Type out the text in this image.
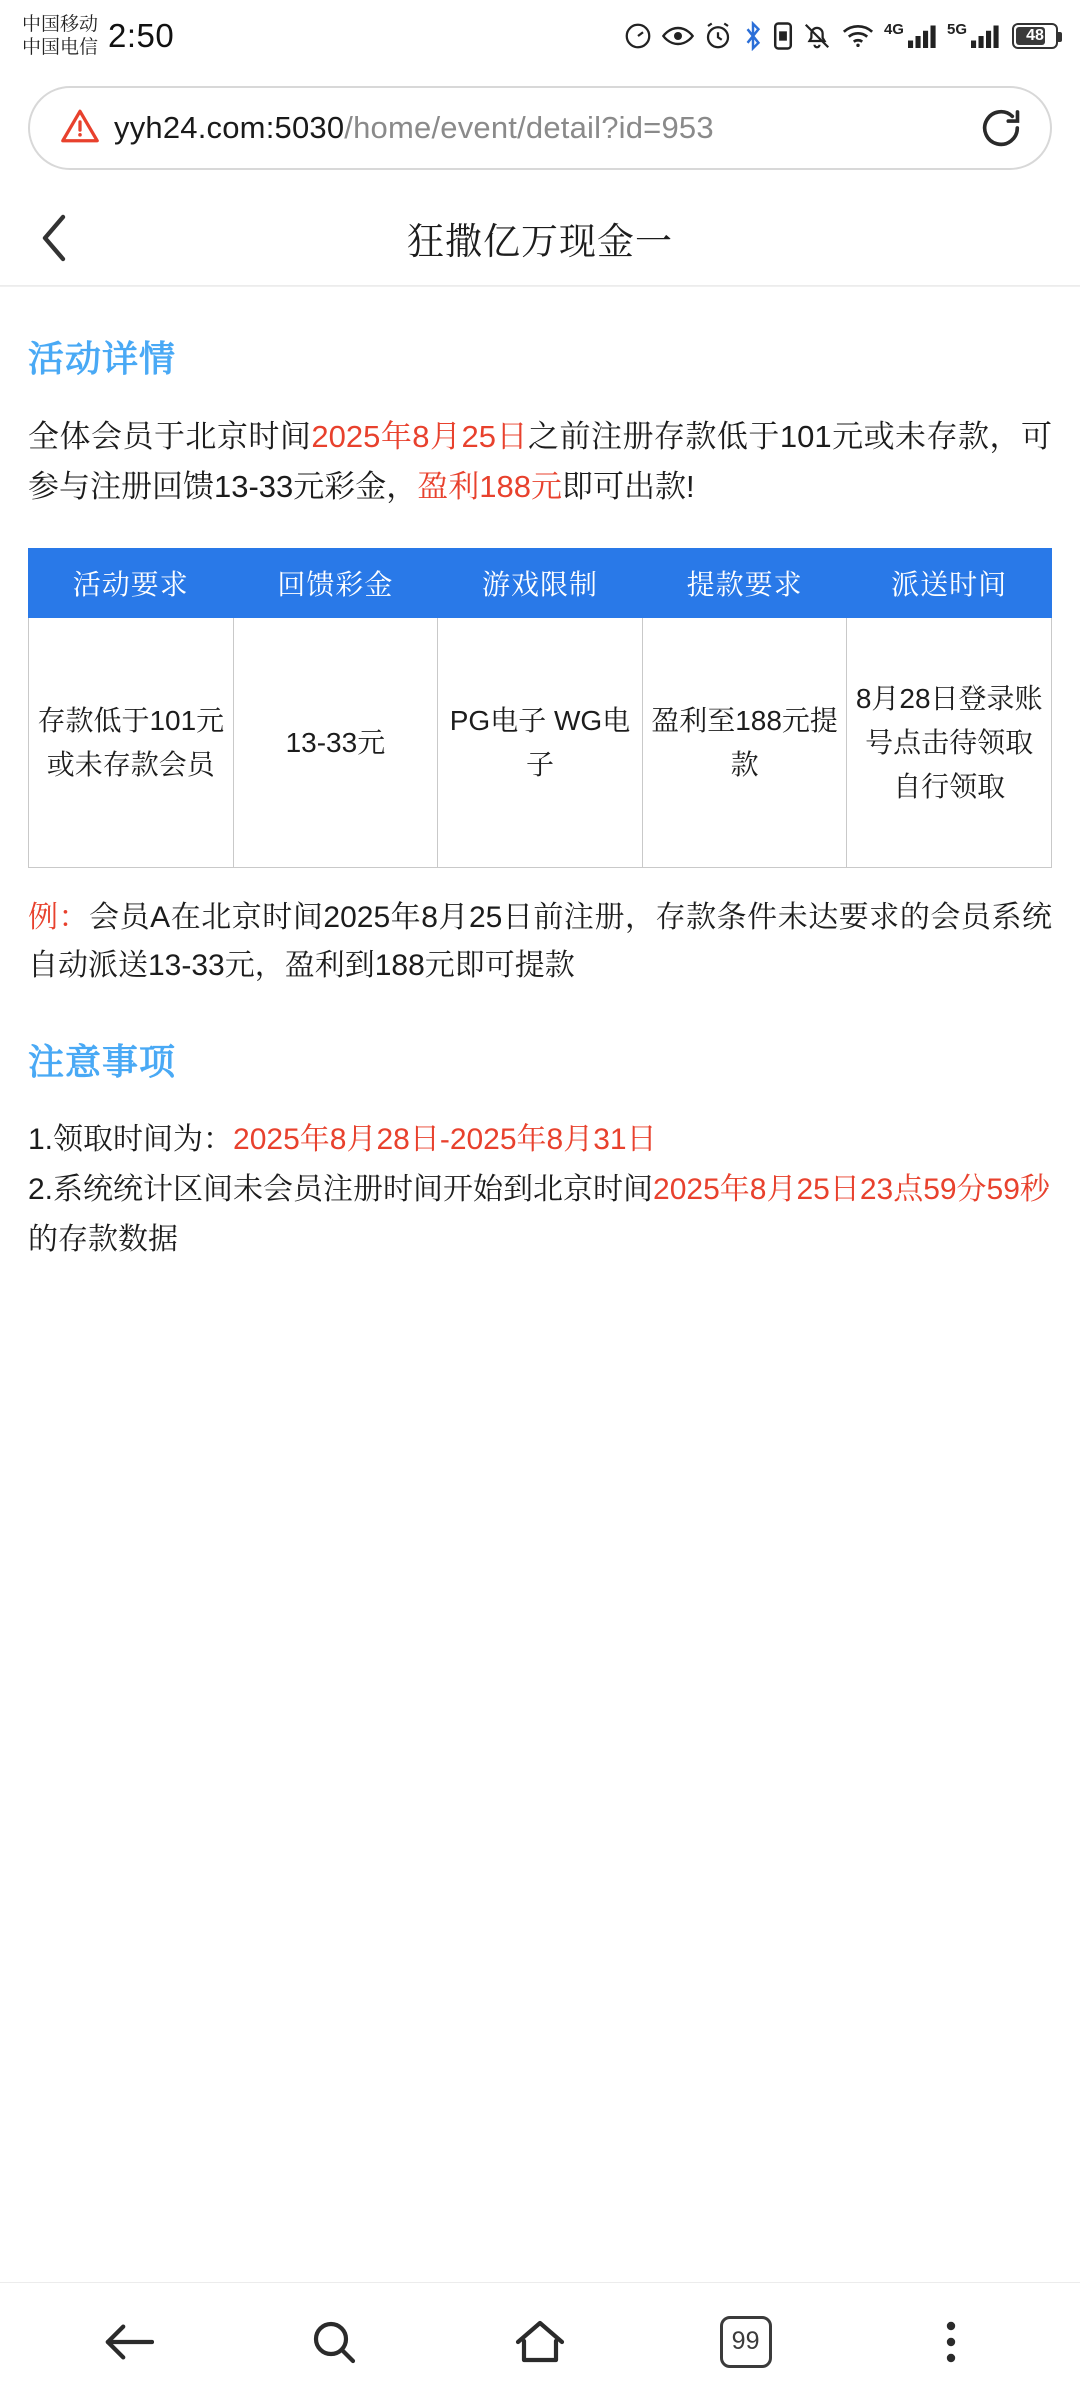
中国移动
中国电信 2:50	4G	5G	48
yyh24.com:5030/home/event/detail?id=953
狂撒亿万现金一
活动详情

全体会员于北京时间2025年8月25日之前注册存款低于101元或未存款，可参与注册回馈13-33元彩金，盈利188元即可出款!

活动要求	回馈彩金	游戏限制	提款要求	派送时间
存款低于101元或未存款会员	13-33元	PG电子 WG电子	盈利至188元提款	8月28日登录账号点击待领取自行领取

例：会员A在北京时间2025年8月25日前注册，存款条件未达要求的会员系统自动派送13-33元，盈利到188元即可提款

注意事项

1.领取时间为：2025年8月28日-2025年8月31日
2.系统统计区间未会员注册时间开始到北京时间2025年8月25日23点59分59秒的存款数据

99
